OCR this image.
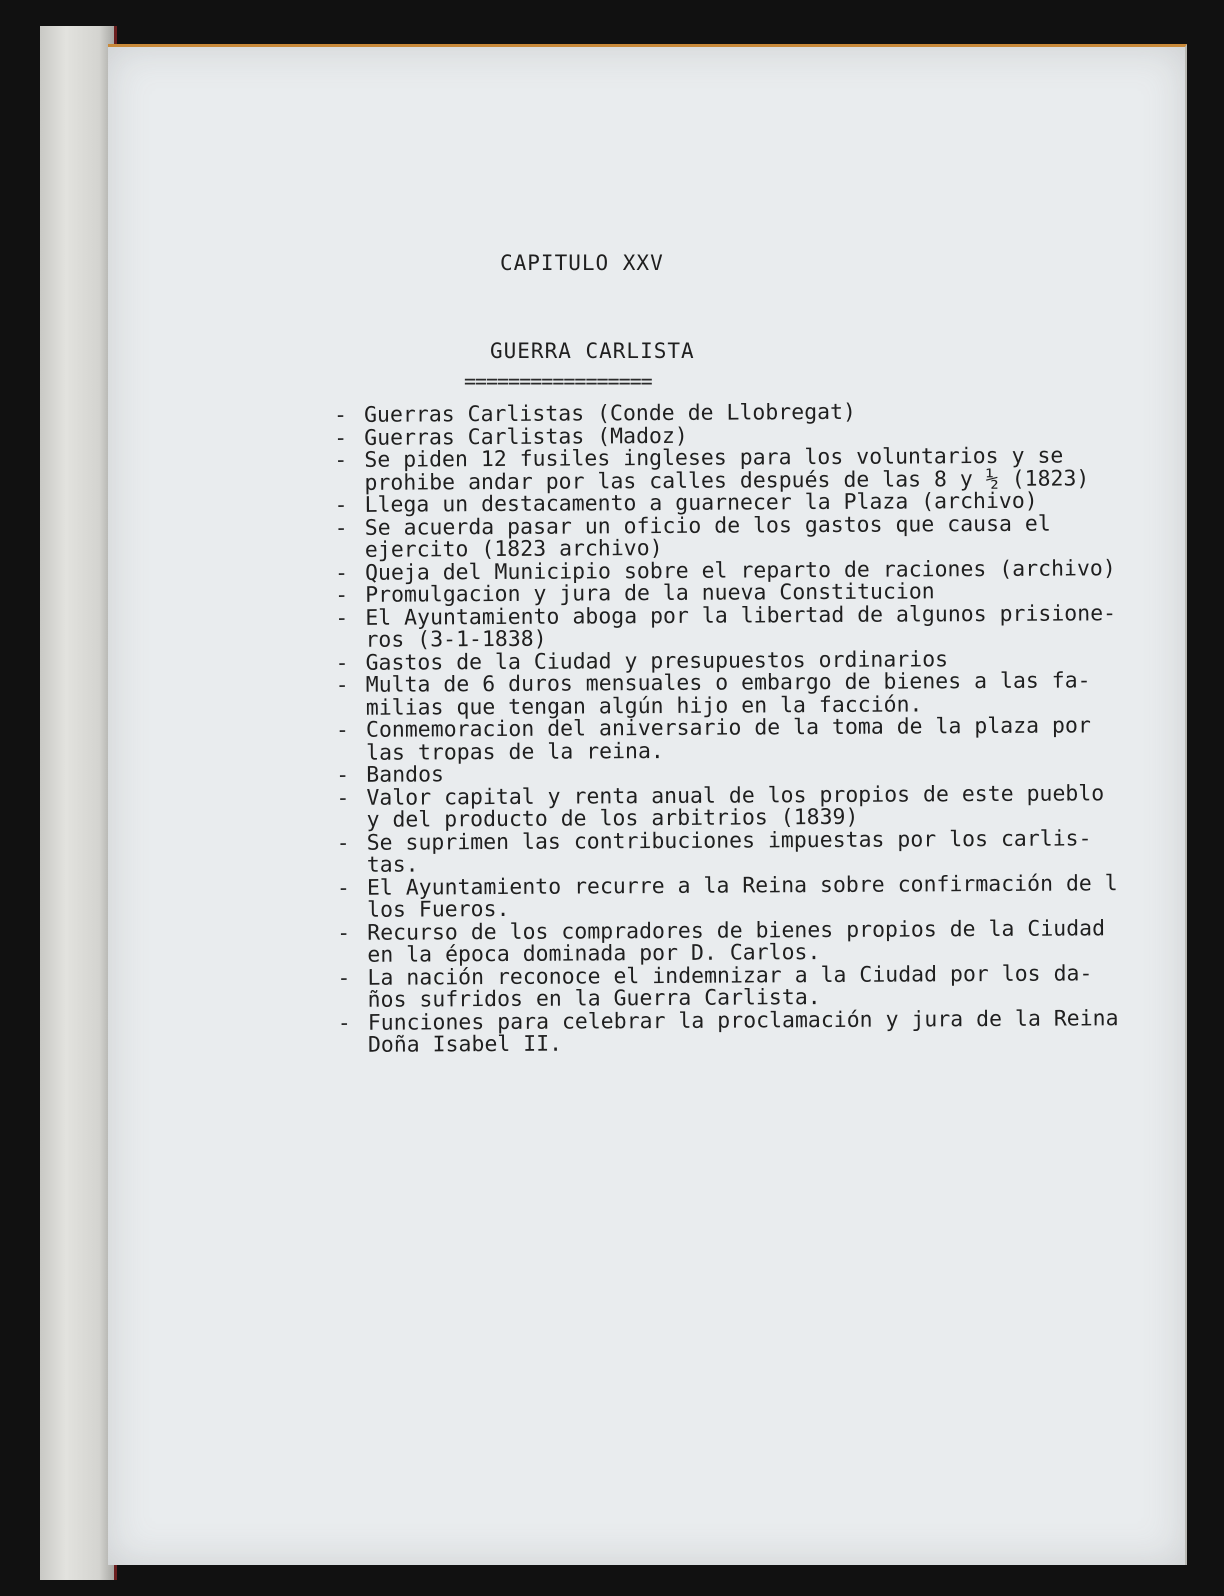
CAPITULO XXV
GUERRA CARLISTA
=================
- Guerras Carlistas (Conde de Llobregat)
- Guerras Carlistas (Madoz)
- Se piden 12 fusiles ingleses para los voluntarios y se
prohibe andar por las calles después de las 8 y ½ (1823)
- Llega un destacamento a guarnecer la Plaza (archivo)
- Se acuerda pasar un oficio de los gastos que causa el
ejercito (1823 archivo)
- Queja del Municipio sobre el reparto de raciones (archivo)
- Promulgacion y jura de la nueva Constitucion
- El Ayuntamiento aboga por la libertad de algunos prisione-
ros (3-1-1838)
- Gastos de la Ciudad y presupuestos ordinarios
- Multa de 6 duros mensuales o embargo de bienes a las fa-
milias que tengan algún hijo en la facción.
- Conmemoracion del aniversario de la toma de la plaza por
las tropas de la reina.
- Bandos
- Valor capital y renta anual de los propios de este pueblo
y del producto de los arbitrios (1839)
- Se suprimen las contribuciones impuestas por los carlis-
tas.
- El Ayuntamiento recurre a la Reina sobre confirmación de l
los Fueros.
- Recurso de los compradores de bienes propios de la Ciudad
en la época dominada por D. Carlos.
- La nación reconoce el indemnizar a la Ciudad por los da-
ños sufridos en la Guerra Carlista.
- Funciones para celebrar la proclamación y jura de la Reina
Doña Isabel II.
